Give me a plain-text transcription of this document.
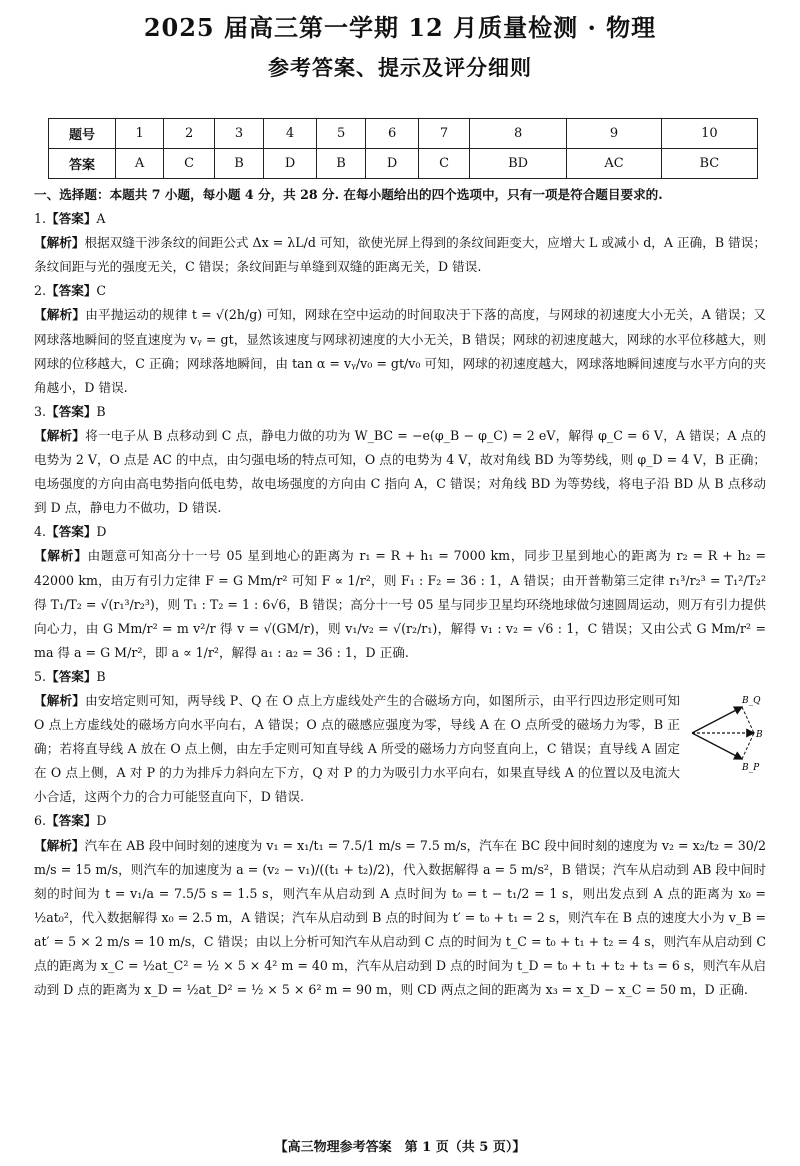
2025 届高三第一学期 12 月质量检测 · 物理
参考答案、提示及评分细则
题号	1	2	3	4	5	6	7	8	9	10
答案	A	C	B	D	B	D	C	BD	AC	BC

一、选择题：本题共 7 小题，每小题 4 分，共 28 分. 在每小题给出的四个选项中，只有一项是符合题目要求的.

1.【答案】A

【解析】根据双缝干涉条纹的间距公式 Δx = λL/d 可知，欲使光屏上得到的条纹间距变大，应增大 L 或减小 d，A 正确，B 错误；条纹间距与光的强度无关，C 错误；条纹间距与单缝到双缝的距离无关，D 错误.

2.【答案】C

【解析】由平抛运动的规律 t = √(2h/g) 可知，网球在空中运动的时间取决于下落的高度，与网球的初速度大小无关，A 错误；又网球落地瞬间的竖直速度为 vᵧ = gt，显然该速度与网球初速度的大小无关，B 错误；网球的初速度越大，网球的水平位移越大，则网球的位移越大，C 正确；网球落地瞬间，由 tan α = vᵧ/v₀ = gt/v₀ 可知，网球的初速度越大，网球落地瞬间速度与水平方向的夹角越小，D 错误.

3.【答案】B

【解析】将一电子从 B 点移动到 C 点，静电力做的功为 W_BC = −e(φ_B − φ_C) = 2 eV，解得 φ_C = 6 V，A 错误；A 点的电势为 2 V，O 点是 AC 的中点，由匀强电场的特点可知，O 点的电势为 4 V，故对角线 BD 为等势线，则 φ_D = 4 V，B 正确；电场强度的方向由高电势指向低电势，故电场强度的方向由 C 指向 A，C 错误；对角线 BD 为等势线，将电子沿 BD 从 B 点移动到 D 点，静电力不做功，D 错误.

4.【答案】D

【解析】由题意可知高分十一号 05 星到地心的距离为 r₁ = R + h₁ = 7000 km，同步卫星到地心的距离为 r₂ = R + h₂ = 42000 km，由万有引力定律 F = G Mm/r² 可知 F ∝ 1/r²，则 F₁ : F₂ = 36 : 1，A 错误；由开普勒第三定律 r₁³/r₂³ = T₁²/T₂² 得 T₁/T₂ = √(r₁³/r₂³)，则 T₁ : T₂ = 1 : 6√6，B 错误；高分十一号 05 星与同步卫星均环绕地球做匀速圆周运动，则万有引力提供向心力，由 G Mm/r² = m v²/r 得 v = √(GM/r)，则 v₁/v₂ = √(r₂/r₁)，解得 v₁ : v₂ = √6 : 1，C 错误；又由公式 G Mm/r² = ma 得 a = G M/r²，即 a ∝ 1/r²，解得 a₁ : a₂ = 36 : 1，D 正确.

5.【答案】B

B_Q
B
B_P
【解析】由安培定则可知，两导线 P、Q 在 O 点上方虚线处产生的合磁场方向，如图所示，由平行四边形定则可知 O 点上方虚线处的磁场方向水平向右，A 错误；O 点的磁感应强度为零，导线 A 在 O 点所受的磁场力为零，B 正确；若将直导线 A 放在 O 点上侧，由左手定则可知直导线 A 所受的磁场力方向竖直向上，C 错误；直导线 A 固定在 O 点上侧，A 对 P 的力为排斥力斜向左下方，Q 对 P 的力为吸引力水平向右，如果直导线 A 的位置以及电流大小合适，这两个力的合力可能竖直向下，D 错误.

6.【答案】D

【解析】汽车在 AB 段中间时刻的速度为 v₁ = x₁/t₁ = 7.5/1 m/s = 7.5 m/s，汽车在 BC 段中间时刻的速度为 v₂ = x₂/t₂ = 30/2 m/s = 15 m/s，则汽车的加速度为 a = (v₂ − v₁)/((t₁ + t₂)/2)，代入数据解得 a = 5 m/s²，B 错误；汽车从启动到 AB 段中间时刻的时间为 t = v₁/a = 7.5/5 s = 1.5 s，则汽车从启动到 A 点时间为 t₀ = t − t₁/2 = 1 s，则出发点到 A 点的距离为 x₀ = ½at₀²，代入数据解得 x₀ = 2.5 m，A 错误；汽车从启动到 B 点的时间为 t′ = t₀ + t₁ = 2 s，则汽车在 B 点的速度大小为 v_B = at′ = 5 × 2 m/s = 10 m/s，C 错误；由以上分析可知汽车从启动到 C 点的时间为 t_C = t₀ + t₁ + t₂ = 4 s，则汽车从启动到 C 点的距离为 x_C = ½at_C² = ½ × 5 × 4² m = 40 m，汽车从启动到 D 点的时间为 t_D = t₀ + t₁ + t₂ + t₃ = 6 s，则汽车从启动到 D 点的距离为 x_D = ½at_D² = ½ × 5 × 6² m = 90 m，则 CD 两点之间的距离为 x₃ = x_D − x_C = 50 m，D 正确.

【高三物理参考答案　第 1 页（共 5 页）】
